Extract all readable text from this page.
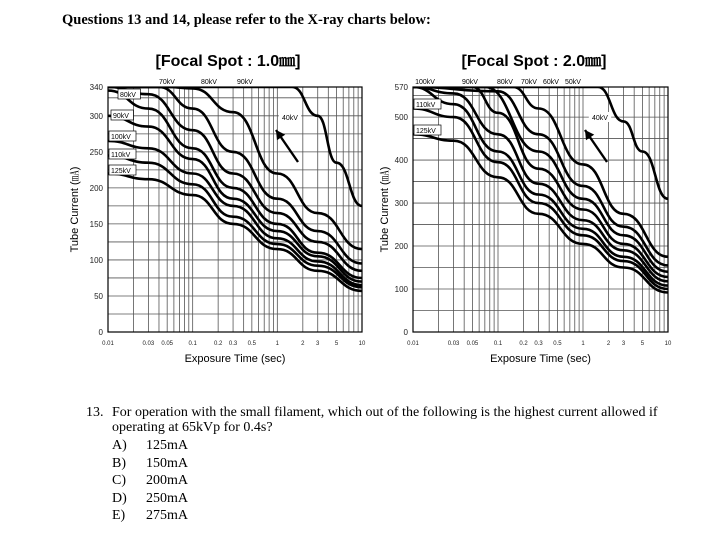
Questions 13 and 14, please refer to the X-ray charts below:
[Focal Spot : 1.0㎜]
0
50
100
150
200
250
300
340
0.01	0.03 0.05	0.1	0.2 0.3 0.5	1	2 3	5	10
Exposure Time (sec)
Tube Current (㎃)
70kV	80kV	90kV
80kV
90kV
100kV
110kV
125kV
40kV
[Focal Spot : 2.0㎜]
0
100
200
300
400
500
570
0.01	0.03 0.05	0.1	0.2 0.3 0.5	1	2 3	5	10
Exposure Time (sec)
Tube Current (㎃)
100kV	90kV	80kV 70kV 60kV 50kV
110kV
125kV
40kV
13. For operation with the small filament, which out of the following is the highest current allowed if operating at 65kVp for 0.4s?
A)	125mA
B)	150mA
C)	200mA
D)	250mA
E)	275mA
